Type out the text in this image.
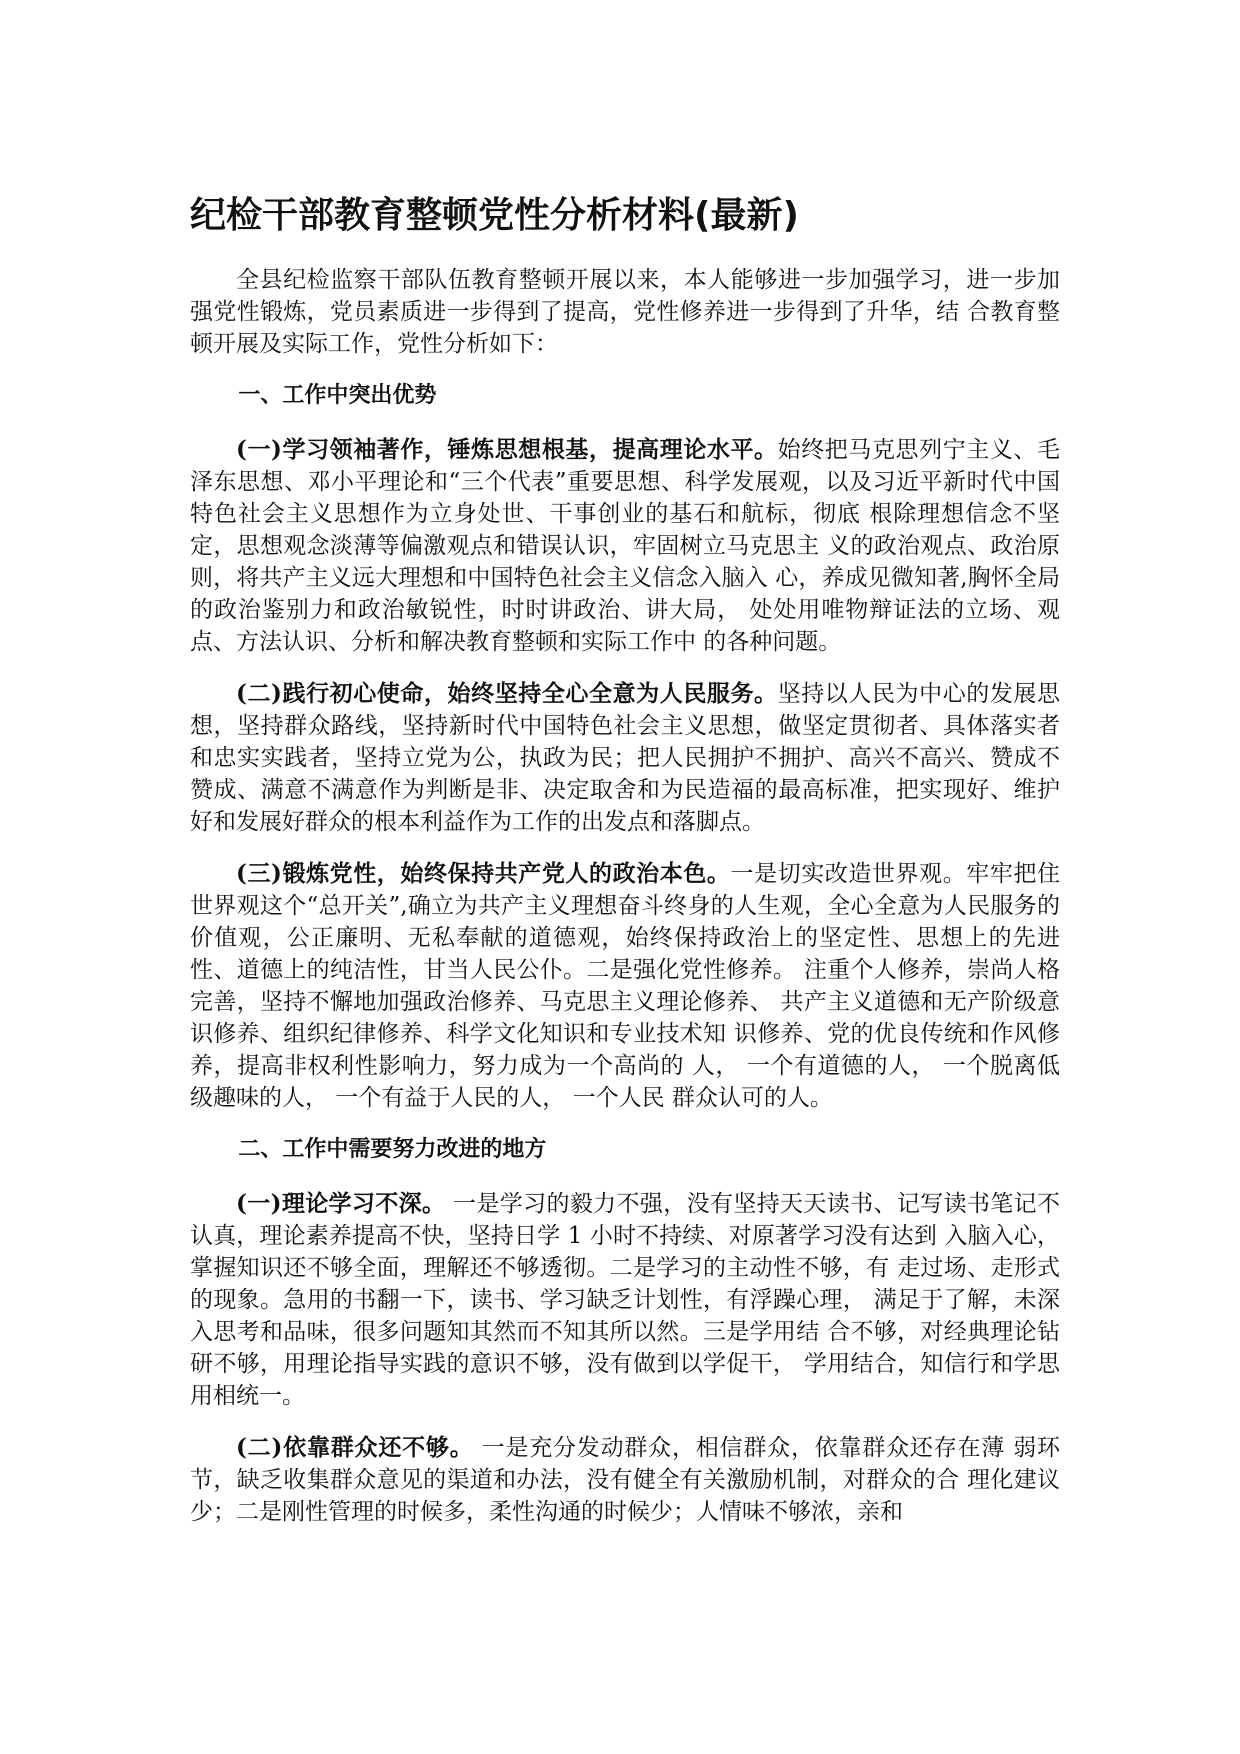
纪检干部教育整顿党性分析材料(最新)

全县纪检监察干部队伍教育整顿开展以来，本人能够进一步加强学习，进一步加强党性锻炼，党员素质进一步得到了提高，党性修养进一步得到了升华，结 合教育整顿开展及实际工作，党性分析如下：

一、工作中突出优势

(一)学习领袖著作，锤炼思想根基，提高理论水平。始终把马克思列宁主义、毛泽东思想、邓小平理论和“三个代表”重要思想、科学发展观，以及习近平新时代中国特色社会主义思想作为立身处世、干事创业的基石和航标，彻底 根除理想信念不坚定，思想观念淡薄等偏激观点和错误认识，牢固树立马克思主 义的政治观点、政治原则，将共产主义远大理想和中国特色社会主义信念入脑入 心，养成见微知著,胸怀全局的政治鉴别力和政治敏锐性，时时讲政治、讲大局， 处处用唯物辩证法的立场、观点、方法认识、分析和解决教育整顿和实际工作中 的各种问题。

(二)践行初心使命，始终坚持全心全意为人民服务。坚持以人民为中心的发展思想，坚持群众路线，坚持新时代中国特色社会主义思想，做坚定贯彻者、具体落实者和忠实实践者，坚持立党为公，执政为民；把人民拥护不拥护、高兴不高兴、赞成不赞成、满意不满意作为判断是非、决定取舍和为民造福的最高标准，把实现好、维护好和发展好群众的根本利益作为工作的出发点和落脚点。

(三)锻炼党性，始终保持共产党人的政治本色。一是切实改造世界观。牢牢把住世界观这个“总开关”,确立为共产主义理想奋斗终身的人生观，全心全意为人民服务的价值观，公正廉明、无私奉献的道德观，始终保持政治上的坚定性、思想上的先进性、道德上的纯洁性，甘当人民公仆。二是强化党性修养。 注重个人修养，崇尚人格完善，坚持不懈地加强政治修养、马克思主义理论修养、 共产主义道德和无产阶级意识修养、组织纪律修养、科学文化知识和专业技术知 识修养、党的优良传统和作风修养，提高非权利性影响力，努力成为一个高尚的 人， 一个有道德的人， 一个脱离低级趣味的人， 一个有益于人民的人， 一个人民 群众认可的人。

二、工作中需要努力改进的地方

(一)理论学习不深。 一是学习的毅力不强，没有坚持天天读书、记写读书笔记不认真，理论素养提高不快，坚持日学 1 小时不持续、对原著学习没有达到 入脑入心，掌握知识还不够全面，理解还不够透彻。二是学习的主动性不够，有 走过场、走形式的现象。急用的书翻一下，读书、学习缺乏计划性，有浮躁心理， 满足于了解，未深入思考和品味，很多问题知其然而不知其所以然。三是学用结 合不够，对经典理论钻研不够，用理论指导实践的意识不够，没有做到以学促干， 学用结合，知信行和学思用相统一。

(二)依靠群众还不够。 一是充分发动群众，相信群众，依靠群众还存在薄 弱环节，缺乏收集群众意见的渠道和办法，没有健全有关激励机制，对群众的合 理化建议少；二是刚性管理的时候多，柔性沟通的时候少；人情味不够浓，亲和
